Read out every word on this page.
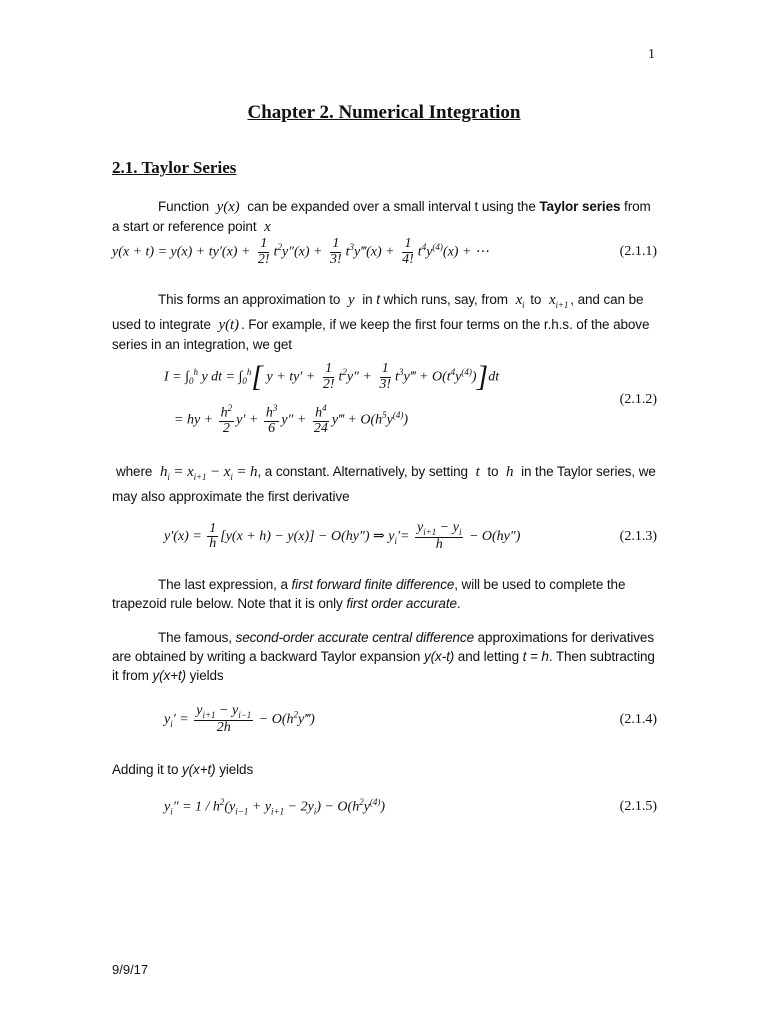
1
Chapter 2. Numerical Integration
2.1. Taylor Series
Function y(x) can be expanded over a small interval t using the Taylor series from a start or reference point x
$y(x + t) = y(x) + ty'(x) + \frac{1}{2!} t^2y''(x) + \frac{1}{3!}$ $t^3y‴(x) + \frac{1}{4!} t^4y^{(4)}(x)$ + ⋯	(2.1.1)
This forms an approximation to y in t which runs, say, from $x_i$ to $x_{i+1}$ , and can be used to integrate y(t) . For example, if we keep the first four terms on the r.h.s. of the above series in an integration, we get
$I = \int_0^h$ y dt = $\int_0^h$[ $y + ty' + \frac{1}{2!} t^2y'' + \frac{1}{3!}$ $t^3y‴ + O(t^4y^{(4)})]dt$
= hy + $\frac{h^2}{2} y' + \frac{h^3}{6} y'' + \frac{h^4}{24}$ y‴ + $O(h^5y^{(4)})$
(2.1.2)
where $h_i = x_{i+1} - x_i = h$, a constant. Alternatively, by setting t to h in the Taylor series, we may also approximate the first derivative
$y'(x) = \frac{1}{h} [y(x + h) - y(x)] - O(hy'')$ ⇒ $y_i'= \frac{y_{i+1} - y_i}{h} - O(hy'')$	(2.1.3)
The last expression, a first forward finite difference, will be used to complete the trapezoid rule below. Note that it is only first order accurate.
The famous, second-order accurate central difference approximations for derivatives are obtained by writing a backward Taylor expansion y(x-t) and letting t = h. Then subtracting it from y(x+t) yields
$y_i' = \frac{y_{i+1} - y_{i-1}}{2h}$ − $O(h^2y‴)$	(2.1.4)
Adding it to y(x+t) yields
$y_i'' = 1 / h^2(y_{i-1} + y_{i+1} - 2y_i) - O(h^2y^{(4)})$	(2.1.5)
9/9/17
